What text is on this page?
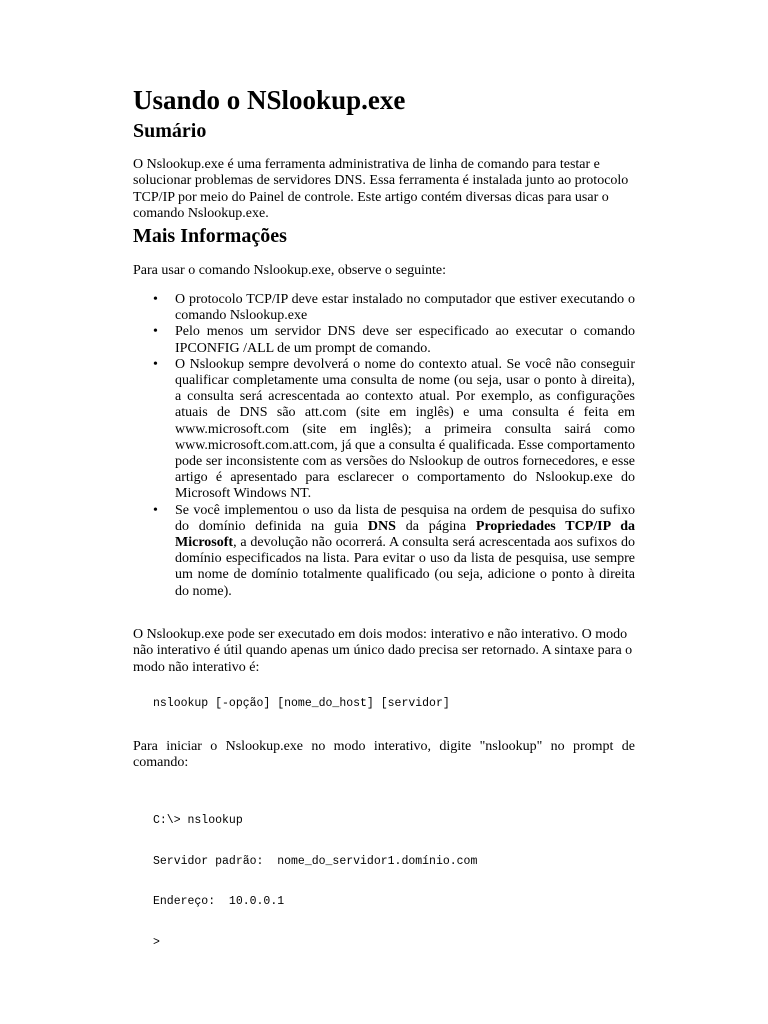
Usando o NSlookup.exe
Sumário

O Nslookup.exe é uma ferramenta administrativa de linha de comando para testar e solucionar problemas de servidores DNS. Essa ferramenta é instalada junto ao protocolo TCP/IP por meio do Painel de controle. Este artigo contém diversas dicas para usar o comando Nslookup.exe.

Mais Informações

Para usar o comando Nslookup.exe, observe o seguinte:

• O protocolo TCP/IP deve estar instalado no computador que estiver executando o comando Nslookup.exe
• Pelo menos um servidor DNS deve ser especificado ao executar o comando IPCONFIG /ALL de um prompt de comando.
• O Nslookup sempre devolverá o nome do contexto atual. Se você não conseguir qualificar completamente uma consulta de nome (ou seja, usar o ponto à direita), a consulta será acrescentada ao contexto atual. Por exemplo, as configurações atuais de DNS são att.com (site em inglês) e uma consulta é feita em www.microsoft.com (site em inglês); a primeira consulta sairá como www.microsoft.com.att.com, já que a consulta é qualificada. Esse comportamento pode ser inconsistente com as versões do Nslookup de outros fornecedores, e esse artigo é apresentado para esclarecer o comportamento do Nslookup.exe do Microsoft Windows NT.
• Se você implementou o uso da lista de pesquisa na ordem de pesquisa do sufixo do domínio definida na guia DNS da página Propriedades TCP/IP da Microsoft, a devolução não ocorrerá. A consulta será acrescentada aos sufixos do domínio especificados na lista. Para evitar o uso da lista de pesquisa, use sempre um nome de domínio totalmente qualificado (ou seja, adicione o ponto à direita do nome).

O Nslookup.exe pode ser executado em dois modos: interativo e não interativo. O modo não interativo é útil quando apenas um único dado precisa ser retornado. A sintaxe para o modo não interativo é:

nslookup [-opção] [nome_do_host] [servidor]

Para iniciar o Nslookup.exe no modo interativo, digite "nslookup" no prompt de comando:

C:\> nslookup

Servidor padrão:  nome_do_servidor1.domínio.com

Endereço:  10.0.0.1

>
